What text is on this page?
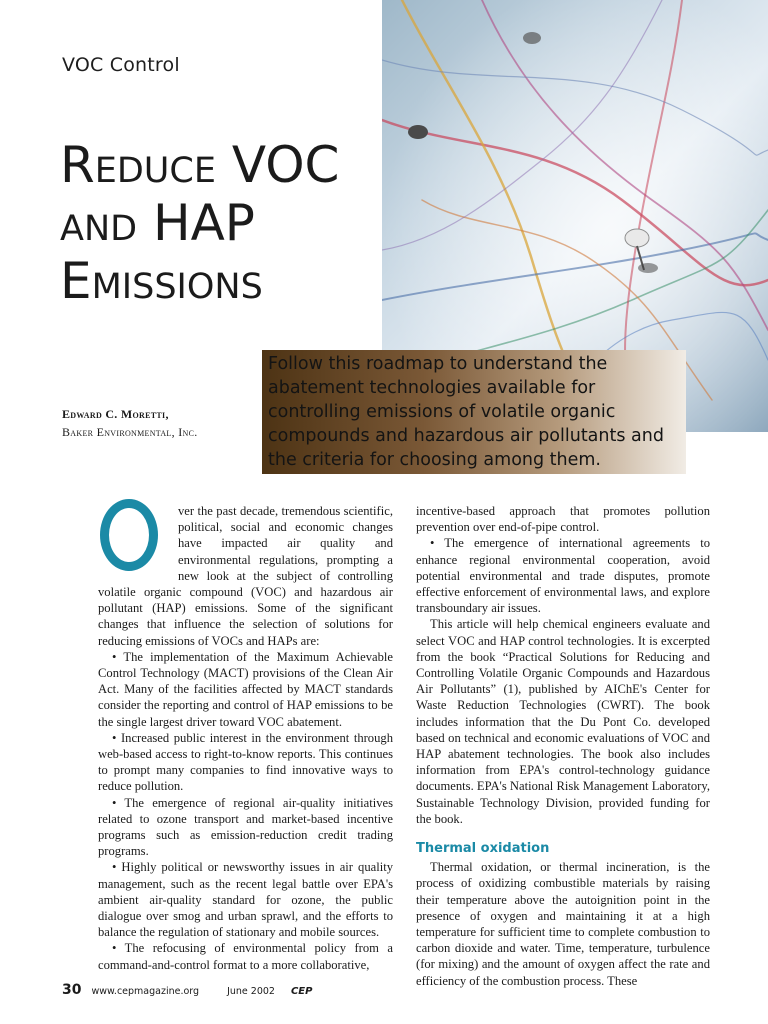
VOC Control
Reduce VOC
and HAP
Emissions
Follow this roadmap to understand the abatement technologies available for controlling emissions of volatile organic compounds and hazardous air pollutants and the criteria for choosing among them.
Edward C. Moretti,
Baker Environmental, Inc.

ver the past decade, tremendous scientific, political, social and economic changes have impacted air quality and environmental regulations, prompting a new look at the subject of controlling volatile organic compound (VOC) and hazardous air pollutant (HAP) emissions. Some of the significant changes that influence the selection of solutions for reducing emissions of VOCs and HAPs are:

• The implementation of the Maximum Achievable Control Technology (MACT) provisions of the Clean Air Act. Many of the facilities affected by MACT standards consider the reporting and control of HAP emissions to be the single largest driver toward VOC abatement.

• Increased public interest in the environment through web-based access to right-to-know reports. This continues to prompt many companies to find innovative ways to reduce pollution.

• The emergence of regional air-quality initiatives related to ozone transport and market-based incentive programs such as emission-reduction credit trading programs.

• Highly political or newsworthy issues in air quality management, such as the recent legal battle over EPA's ambient air-quality standard for ozone, the public dialogue over smog and urban sprawl, and the efforts to balance the regulation of stationary and mobile sources.

• The refocusing of environmental policy from a command-and-control format to a more collaborative,

incentive-based approach that promotes pollution prevention over end-of-pipe control.

• The emergence of international agreements to enhance regional environmental cooperation, avoid potential environmental and trade disputes, promote effective enforcement of environmental laws, and explore transboundary air issues.

This article will help chemical engineers evaluate and select VOC and HAP control technologies. It is excerpted from the book “Practical Solutions for Reducing and Controlling Volatile Organic Compounds and Hazardous Air Pollutants” (1), published by AIChE's Center for Waste Reduction Technologies (CWRT). The book includes information that the Du Pont Co. developed based on technical and economic evaluations of VOC and HAP abatement technologies. The book also includes information from EPA's control-technology guidance documents. EPA's National Risk Management Laboratory, Sustainable Technology Division, provided funding for the book.

Thermal oxidation

Thermal oxidation, or thermal incineration, is the process of oxidizing combustible materials by raising their temperature above the autoignition point in the presence of oxygen and maintaining it at a high temperature for sufficient time to complete combustion to carbon dioxide and water. Time, temperature, turbulence (for mixing) and the amount of oxygen affect the rate and efficiency of the combustion process. These

30 www.cepmagazine.org	June 2002 CEP
